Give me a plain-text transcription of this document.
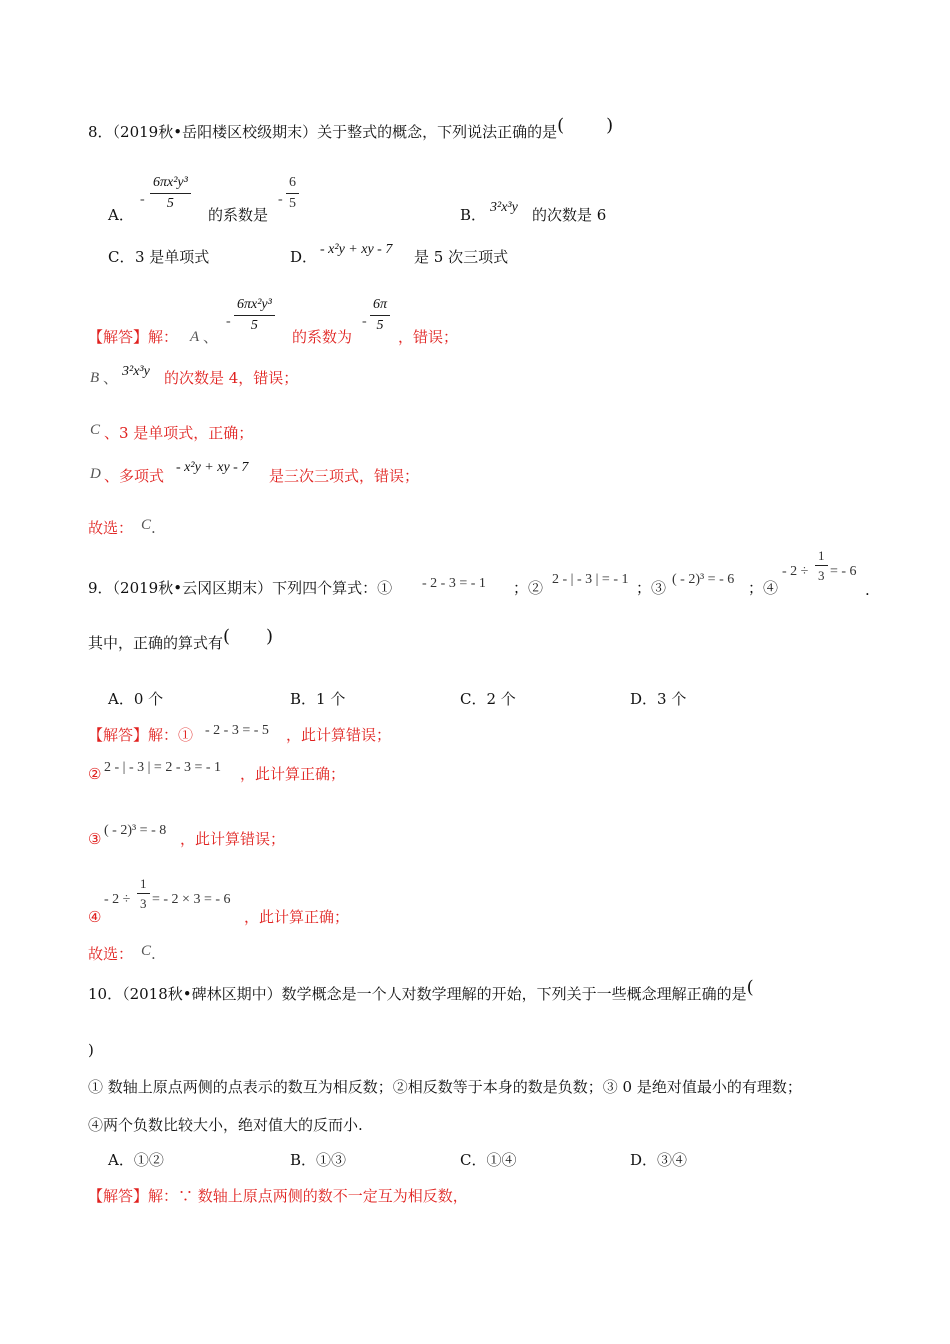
8．（2019秋•岳阳楼区校级期末）关于整式的概念，下列说法正确的是( )
A．
- $\frac{\text{6πx²y³}}{5}$
的系数是
- $\frac{6}{5}$
B． 3²x³y 的次数是 6
C． 3 是单项式	D． - x²y + xy - 7 是 5 次三项式
【解答】解： A 、
- $\frac{\text{6πx²y³}}{5}$
的系数为
- $\frac{6\pi}{5}$
，错误；
B 、 3²x³y 的次数是 4，错误；
C 、3 是单项式，正确；
D 、多项式 - x²y + xy - 7 是三次三项式，错误；
故选： C.
9．（2019秋•云冈区期末）下列四个算式：① - 2 - 3 = - 1 ；② 2 - | - 3 | = - 1 ；③ ( - 2)³ = - 6 ；④
- $2 \div \frac{1}{3}$ = - 6
.
其中，正确的算式有( )
A．0 个	B．1 个	C．2 个	D．3 个
【解答】解：① - 2 - 3 = - 5 ，此计算错误；
② 2 - | - 3 | = 2 - 3 = - 1 ，此计算正确；
③ ( - 2)³ = - 8 ，此计算错误；
④
- $2 \div \frac{1}{3}$ = - 2 × 3 = - 6
，此计算正确；
故选： C.
10．（2018秋•碑林区期中）数学概念是一个人对数学理解的开始，下列关于一些概念理解正确的是(
)
① 数轴上原点两侧的点表示的数互为相反数；②相反数等于本身的数是负数；③ 0 是绝对值最小的有理数；
④两个负数比较大小，绝对值大的反而小.
A．①②	B．①③	C．①④	D．③④
【解答】解：∵ 数轴上原点两侧的数不一定互为相反数，
